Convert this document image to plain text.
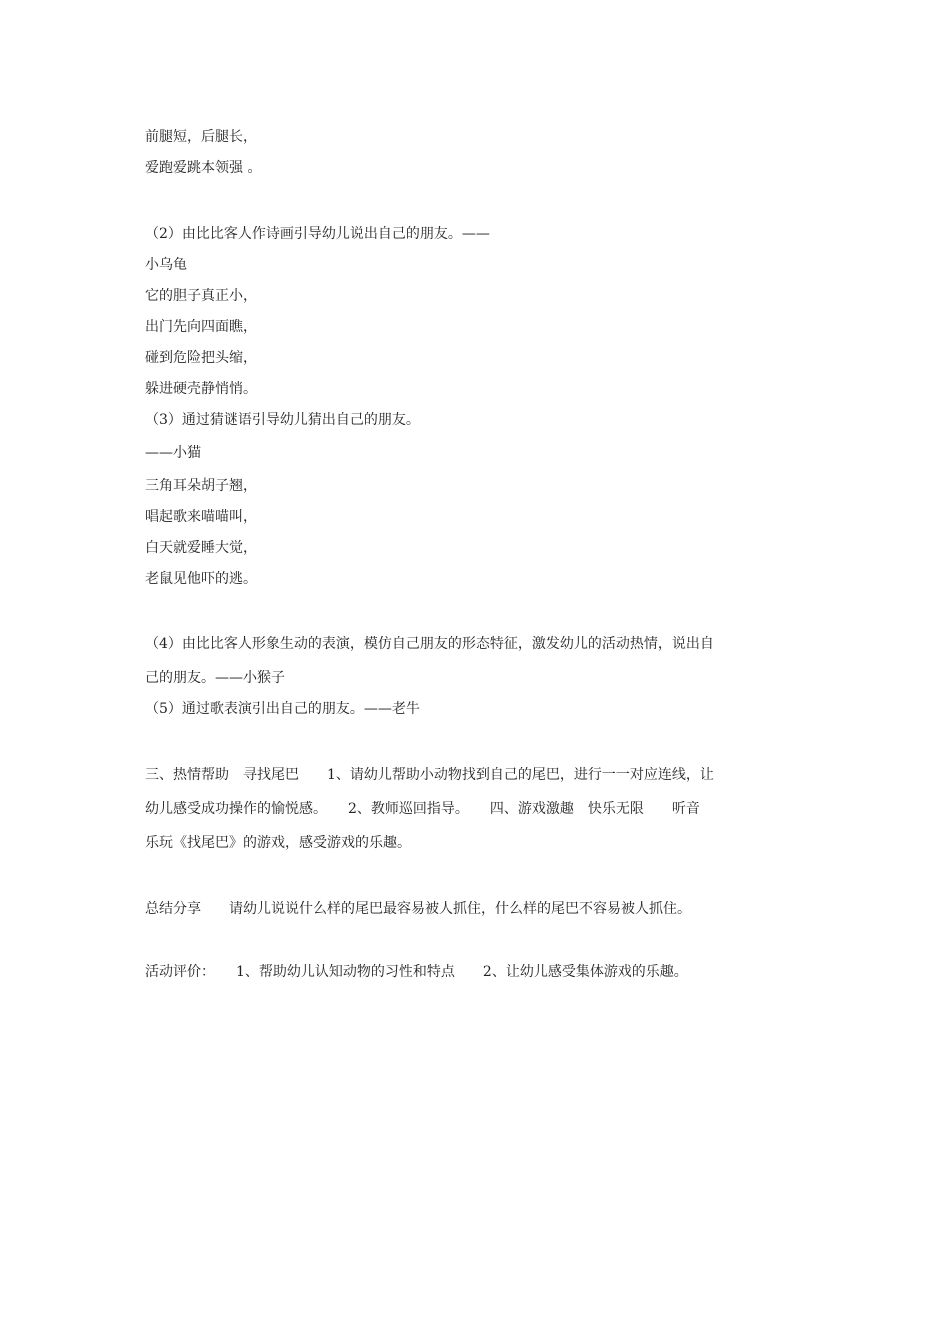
前腿短，后腿长，

爱跑爱跳本领强 。

（2）由比比客人作诗画引导幼儿说出自己的朋友。——

小乌龟

它的胆子真正小，

出门先向四面瞧，

碰到危险把头缩，

躲进硬壳静悄悄。

（3）通过猜谜语引导幼儿猜出自己的朋友。

——小猫

三角耳朵胡子翘，

唱起歌来喵喵叫，

白天就爱睡大觉，

老鼠见他吓的逃。

（4）由比比客人形象生动的表演，模仿自己朋友的形态特征，激发幼儿的活动热情，说出自

己的朋友。——小猴子

（5）通过歌表演引出自己的朋友。——老牛

三、热情帮助　寻找尾巴　　1、请幼儿帮助小动物找到自己的尾巴，进行一一对应连线，让

幼儿感受成功操作的愉悦感。　　2、教师巡回指导。　　四、游戏激趣　快乐无限　　听音

乐玩《找尾巴》的游戏，感受游戏的乐趣。

总结分享　　请幼儿说说什么样的尾巴最容易被人抓住，什么样的尾巴不容易被人抓住。

活动评价：　　1、帮助幼儿认知动物的习性和特点　　2、让幼儿感受集体游戏的乐趣。
